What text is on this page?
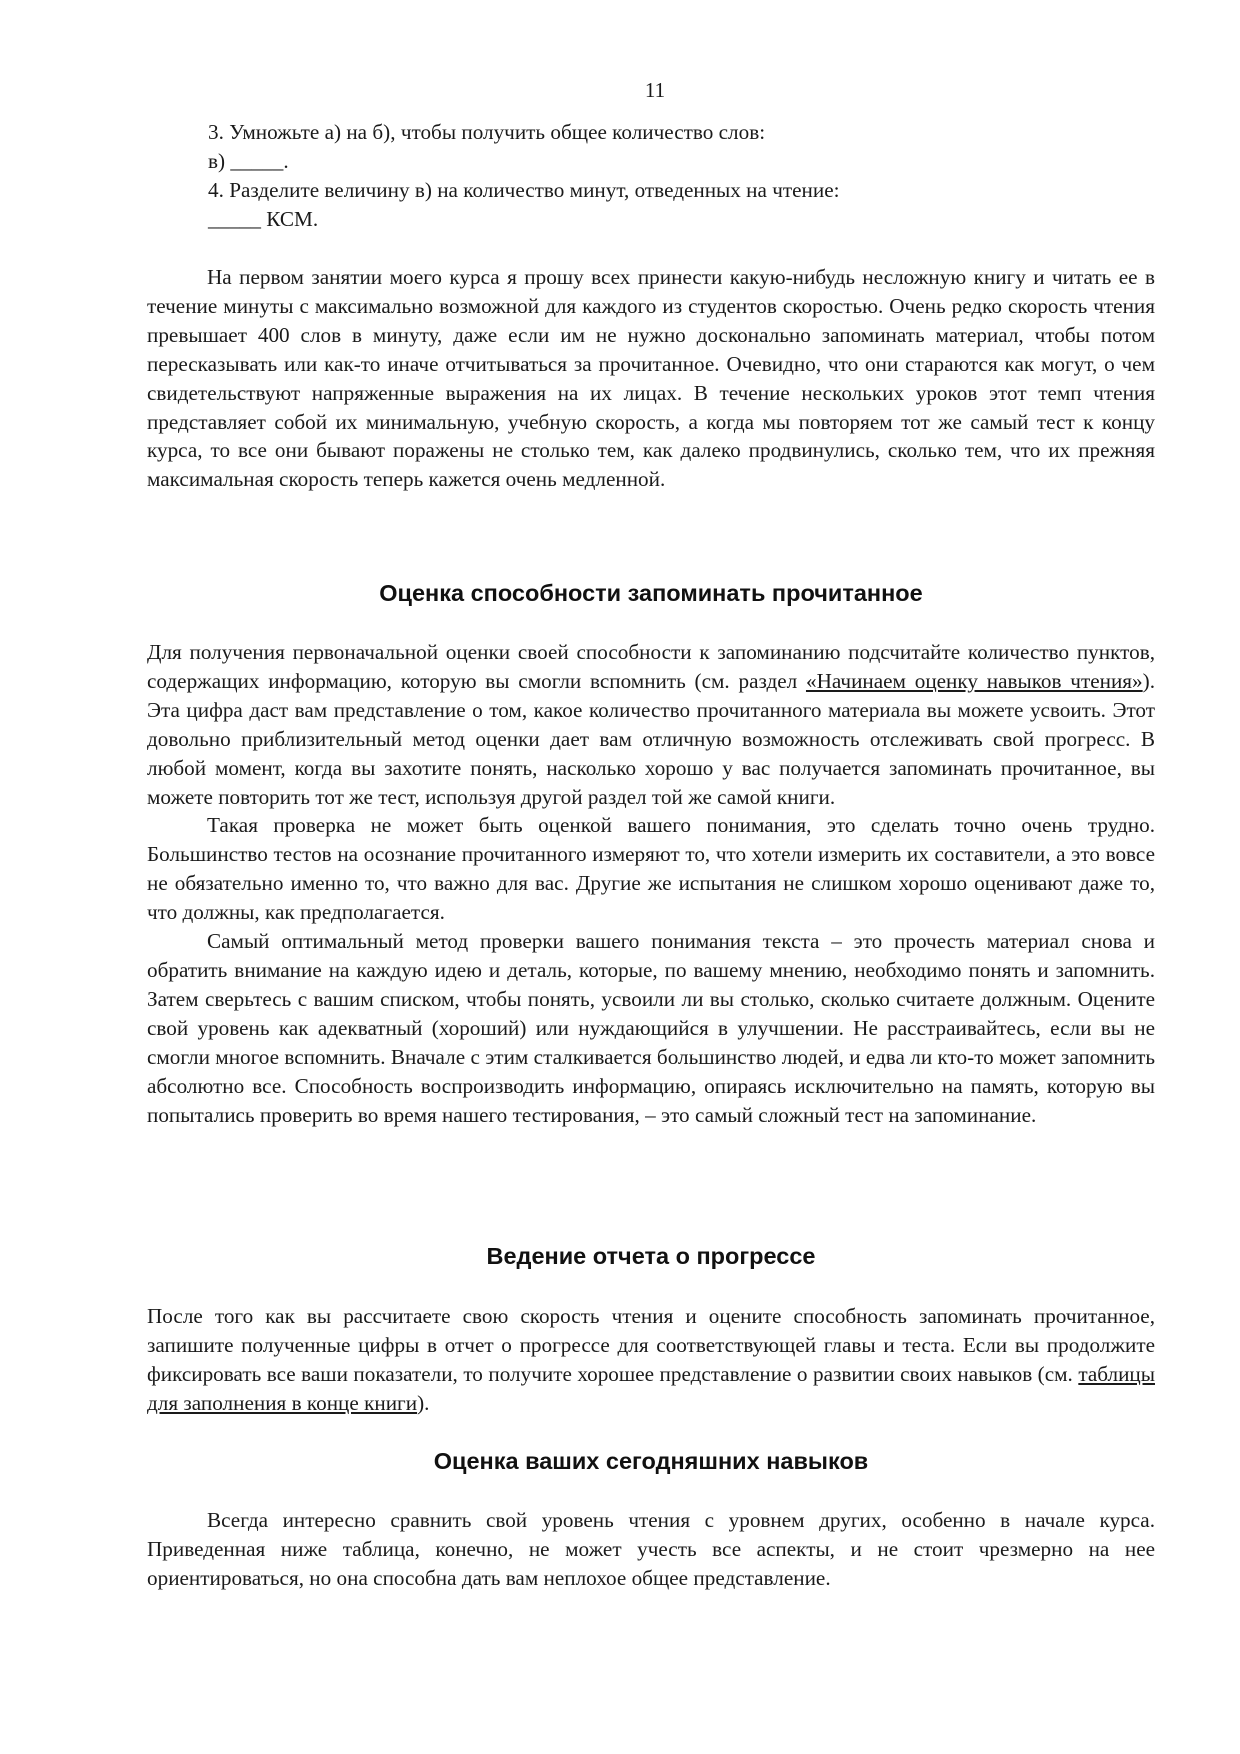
11

3. Умножьте а) на б), чтобы получить общее количество слов:

в) _____.

4. Разделите величину в) на количество минут, отведенных на чтение:

_____ КСМ.

На первом занятии моего курса я прошу всех принести какую-нибудь несложную книгу и читать ее в течение минуты с максимально возможной для каждого из студентов скоростью. Очень редко скорость чтения превышает 400 слов в минуту, даже если им не нужно досконально запоминать материал, чтобы потом пересказывать или как-то иначе отчитываться за прочитанное. Очевидно, что они стараются как могут, о чем свидетельствуют напряженные выражения на их лицах. В течение нескольких уроков этот темп чтения представляет собой их минимальную, учебную скорость, а когда мы повторяем тот же самый тест к концу курса, то все они бывают поражены не столько тем, как далеко продвинулись, сколько тем, что их прежняя максимальная скорость теперь кажется очень медленной.

Оценка способности запоминать прочитанное

Для получения первоначальной оценки своей способности к запоминанию подсчитайте количество пунктов, содержащих информацию, которую вы смогли вспомнить (см. раздел «Начинаем оценку навыков чтения»). Эта цифра даст вам представление о том, какое количество прочитанного материала вы можете усвоить. Этот довольно приблизительный метод оценки дает вам отличную возможность отслеживать свой прогресс. В любой момент, когда вы захотите понять, насколько хорошо у вас получается запоминать прочитанное, вы можете повторить тот же тест, используя другой раздел той же самой книги.

Такая проверка не может быть оценкой вашего понимания, это сделать точно очень трудно. Большинство тестов на осознание прочитанного измеряют то, что хотели измерить их составители, а это вовсе не обязательно именно то, что важно для вас. Другие же испытания не слишком хорошо оценивают даже то, что должны, как предполагается.

Самый оптимальный метод проверки вашего понимания текста – это прочесть материал снова и обратить внимание на каждую идею и деталь, которые, по вашему мнению, необходимо понять и запомнить. Затем сверьтесь с вашим списком, чтобы понять, усвоили ли вы столько, сколько считаете должным. Оцените свой уровень как адекватный (хороший) или нуждающийся в улучшении. Не расстраивайтесь, если вы не смогли многое вспомнить. Вначале с этим сталкивается большинство людей, и едва ли кто-то может запомнить абсолютно все. Способность воспроизводить информацию, опираясь исключительно на память, которую вы попытались проверить во время нашего тестирования, – это самый сложный тест на запоминание.

Ведение отчета о прогрессе

После того как вы рассчитаете свою скорость чтения и оцените способность запоминать прочитанное, запишите полученные цифры в отчет о прогрессе для соответствующей главы и теста. Если вы продолжите фиксировать все ваши показатели, то получите хорошее представление о развитии своих навыков (см. таблицы для заполнения в конце книги).

Оценка ваших сегодняшних навыков

Всегда интересно сравнить свой уровень чтения с уровнем других, особенно в начале курса. Приведенная ниже таблица, конечно, не может учесть все аспекты, и не стоит чрезмерно на нее ориентироваться, но она способна дать вам неплохое общее представление.
